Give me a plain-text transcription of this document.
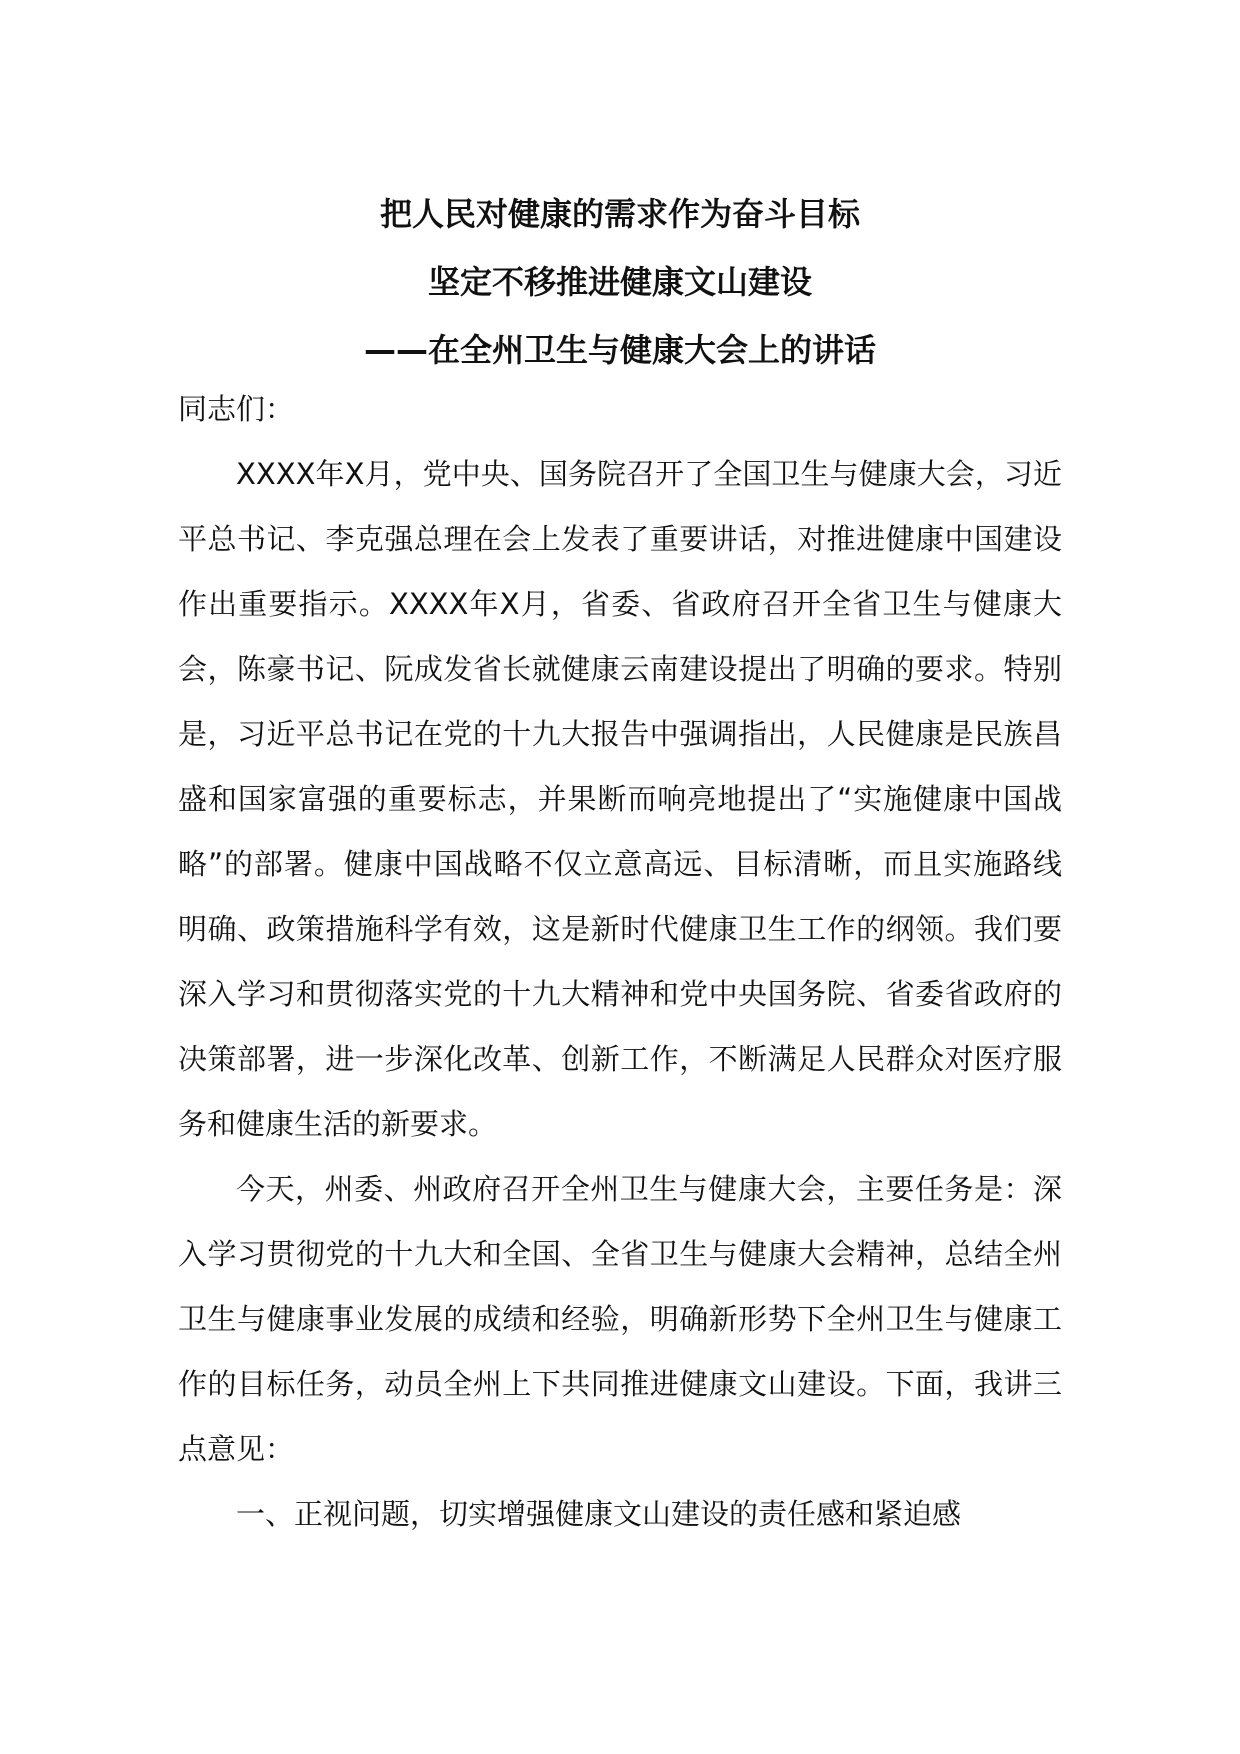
把人民对健康的需求作为奋斗目标
坚定不移推进健康文山建设
——在全州卫生与健康大会上的讲话

同志们：

XXXX年X月，党中央、国务院召开了全国卫生与健康大会，习近平总书记、李克强总理在会上发表了重要讲话，对推进健康中国建设作出重要指示。XXXX年X月，省委、省政府召开全省卫生与健康大会，陈豪书记、阮成发省长就健康云南建设提出了明确的要求。特别是，习近平总书记在党的十九大报告中强调指出，人民健康是民族昌盛和国家富强的重要标志，并果断而响亮地提出了“实施健康中国战略”的部署。健康中国战略不仅立意高远、目标清晰，而且实施路线明确、政策措施科学有效，这是新时代健康卫生工作的纲领。我们要深入学习和贯彻落实党的十九大精神和党中央国务院、省委省政府的决策部署，进一步深化改革、创新工作，不断满足人民群众对医疗服务和健康生活的新要求。

今天，州委、州政府召开全州卫生与健康大会，主要任务是：深入学习贯彻党的十九大和全国、全省卫生与健康大会精神，总结全州卫生与健康事业发展的成绩和经验，明确新形势下全州卫生与健康工作的目标任务，动员全州上下共同推进健康文山建设。下面，我讲三点意见：

一、正视问题，切实增强健康文山建设的责任感和紧迫感
